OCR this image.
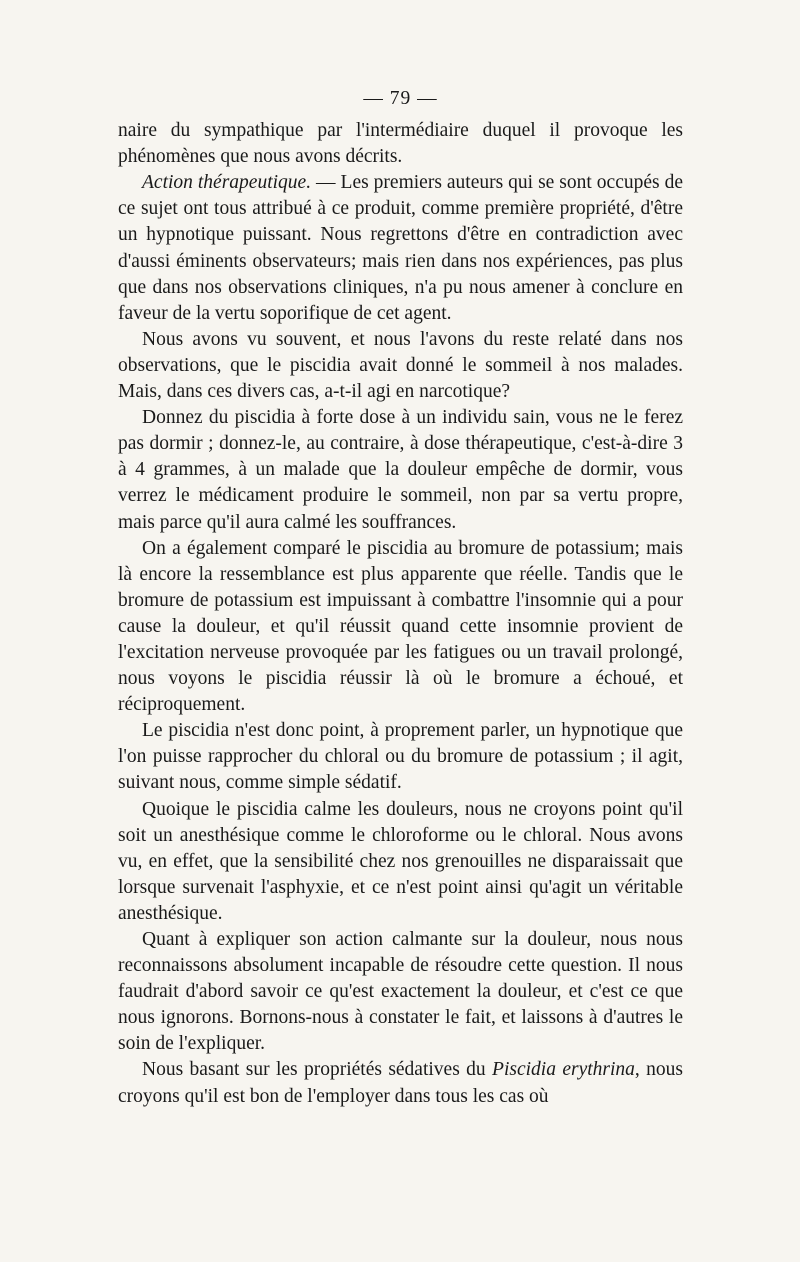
— 79 —

naire du sympathique par l'intermédiaire duquel il provoque les phénomènes que nous avons décrits.

Action thérapeutique. — Les premiers auteurs qui se sont occupés de ce sujet ont tous attribué à ce produit, comme première propriété, d'être un hypnotique puissant. Nous regrettons d'être en contradiction avec d'aussi éminents observateurs; mais rien dans nos expériences, pas plus que dans nos observations cliniques, n'a pu nous amener à conclure en faveur de la vertu soporifique de cet agent.

Nous avons vu souvent, et nous l'avons du reste relaté dans nos observations, que le piscidia avait donné le sommeil à nos malades. Mais, dans ces divers cas, a-t-il agi en narcotique?

Donnez du piscidia à forte dose à un individu sain, vous ne le ferez pas dormir ; donnez-le, au contraire, à dose thérapeutique, c'est-à-dire 3 à 4 grammes, à un malade que la douleur empêche de dormir, vous verrez le médicament produire le sommeil, non par sa vertu propre, mais parce qu'il aura calmé les souffrances.

On a également comparé le piscidia au bromure de potassium; mais là encore la ressemblance est plus apparente que réelle. Tandis que le bromure de potassium est impuissant à combattre l'insomnie qui a pour cause la douleur, et qu'il réussit quand cette insomnie provient de l'excitation nerveuse provoquée par les fatigues ou un travail prolongé, nous voyons le piscidia réussir là où le bromure a échoué, et réciproquement.

Le piscidia n'est donc point, à proprement parler, un hypnotique que l'on puisse rapprocher du chloral ou du bromure de potassium ; il agit, suivant nous, comme simple sédatif.

Quoique le piscidia calme les douleurs, nous ne croyons point qu'il soit un anesthésique comme le chloroforme ou le chloral. Nous avons vu, en effet, que la sensibilité chez nos grenouilles ne disparaissait que lorsque survenait l'asphyxie, et ce n'est point ainsi qu'agit un véritable anesthésique.

Quant à expliquer son action calmante sur la douleur, nous nous reconnaissons absolument incapable de résoudre cette question. Il nous faudrait d'abord savoir ce qu'est exactement la douleur, et c'est ce que nous ignorons. Bornons-nous à constater le fait, et laissons à d'autres le soin de l'expliquer.

Nous basant sur les propriétés sédatives du Piscidia erythrina, nous croyons qu'il est bon de l'employer dans tous les cas où
